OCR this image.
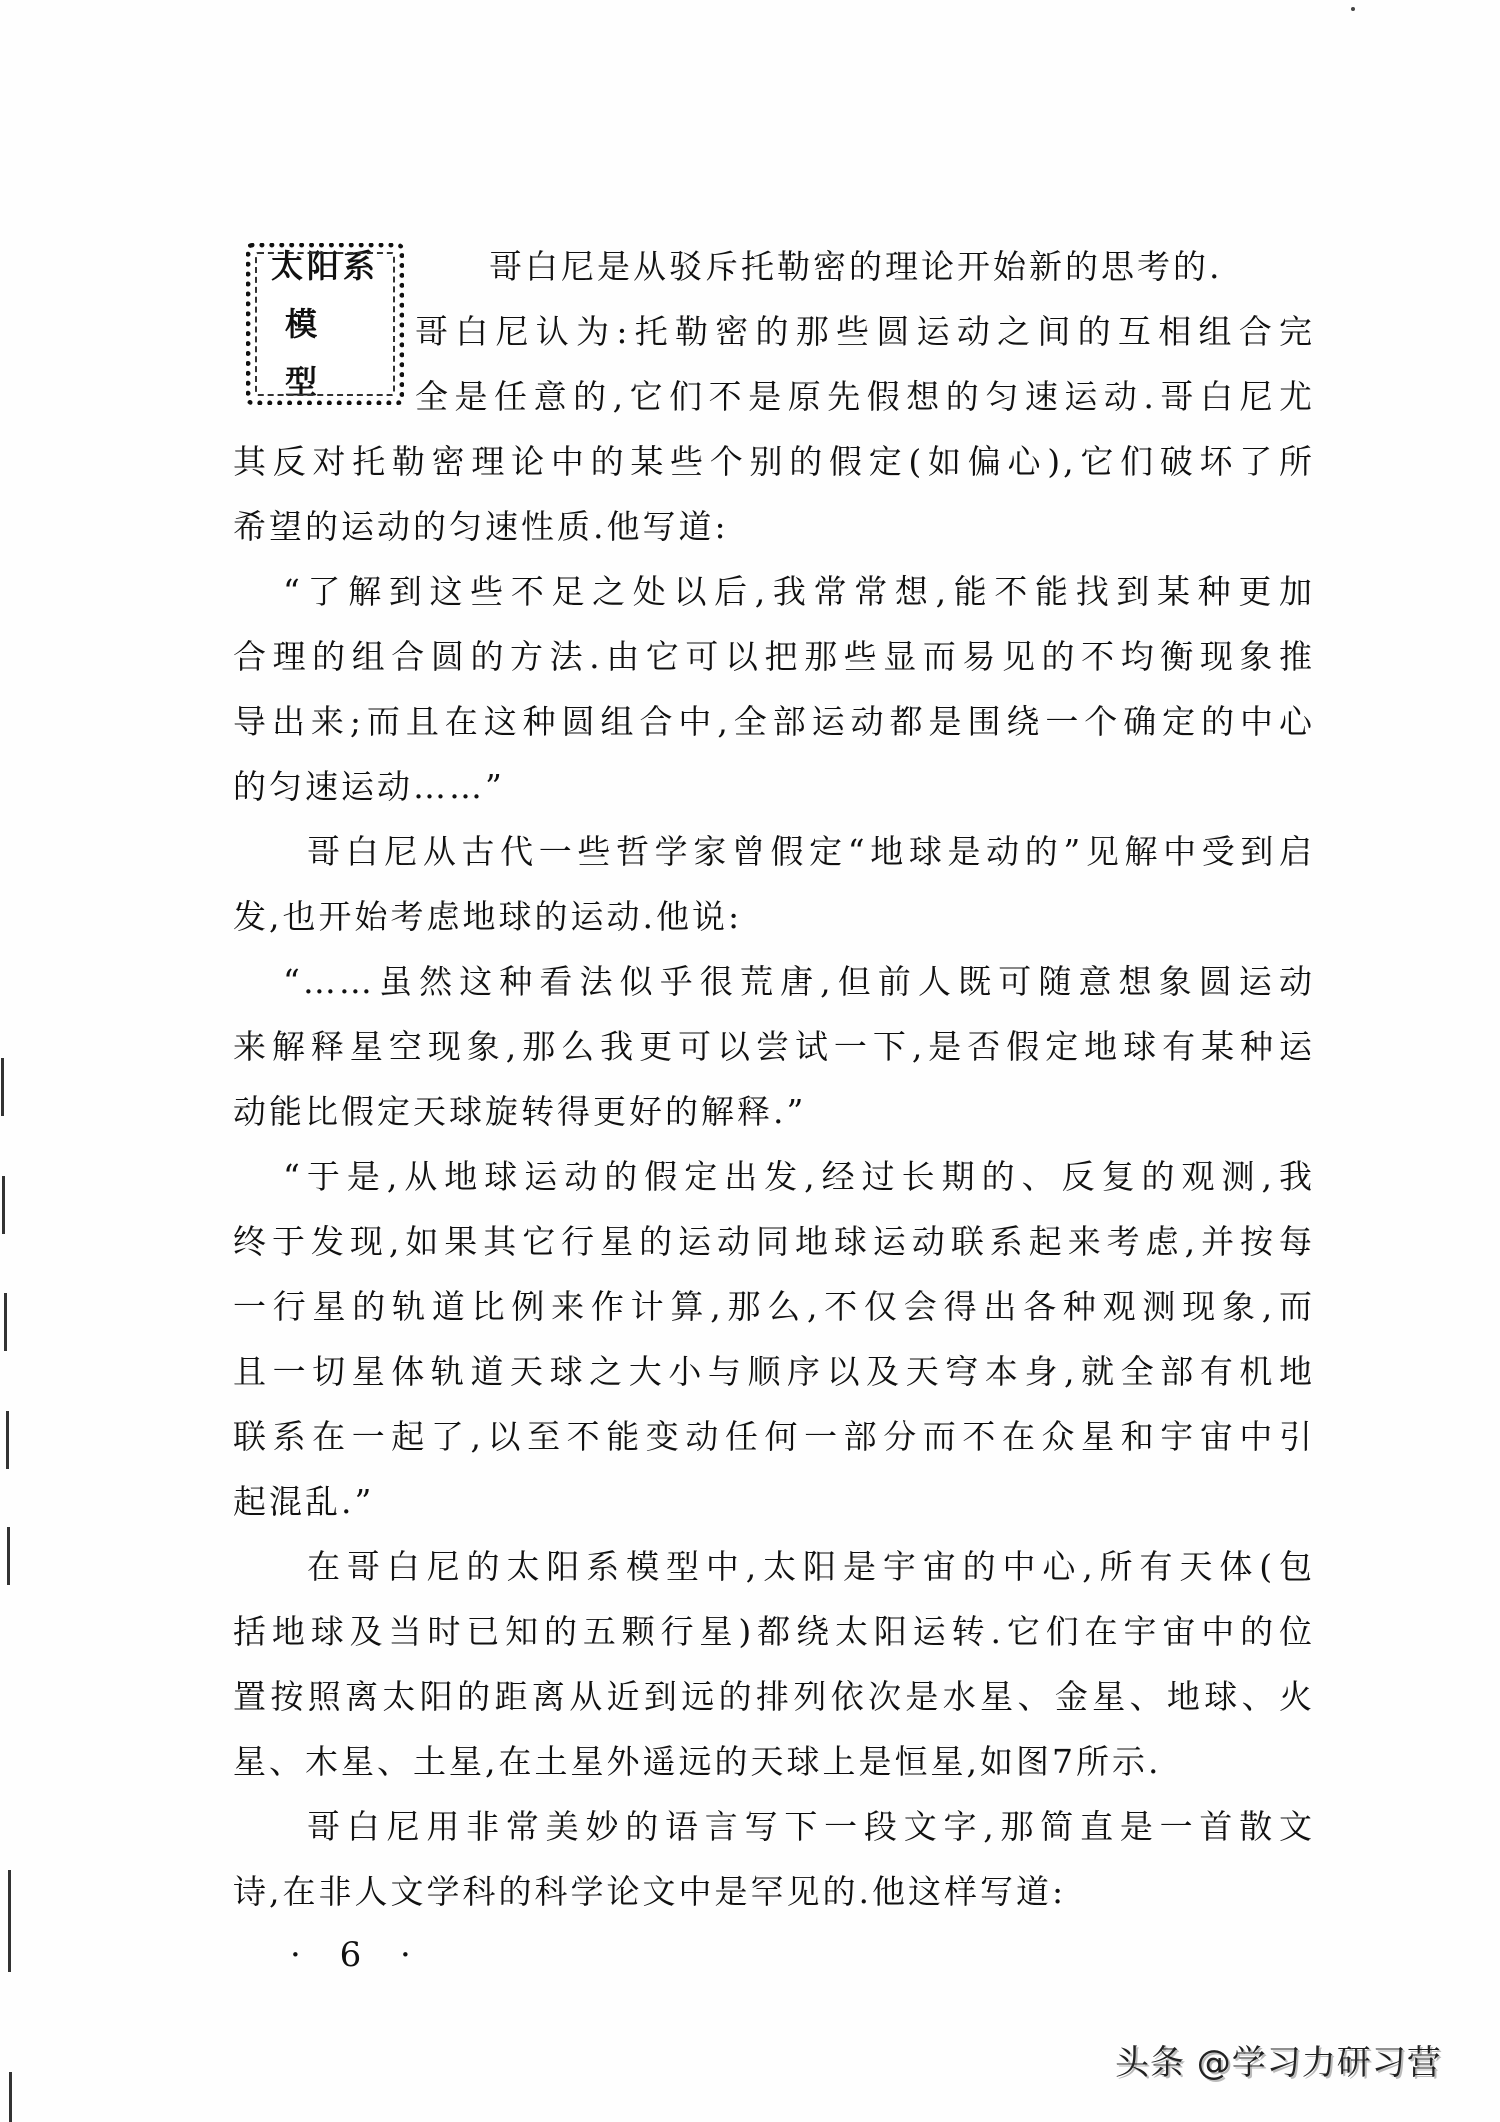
太阳系
模型
哥白尼是从驳斥托勒密的理论开始新的思考的.
哥白尼认为:托勒密的那些圆运动之间的互相组合完
全是任意的,它们不是原先假想的匀速运动.哥白尼尤
其反对托勒密理论中的某些个别的假定(如偏心),它们破坏了所
希望的运动的匀速性质.他写道:
“了解到这些不足之处以后,我常常想,能不能找到某种更加
合理的组合圆的方法.由它可以把那些显而易见的不均衡现象推
导出来;而且在这种圆组合中,全部运动都是围绕一个确定的中心
的匀速运动……”
哥白尼从古代一些哲学家曾假定“地球是动的”见解中受到启
发,也开始考虑地球的运动.他说:
“……虽然这种看法似乎很荒唐,但前人既可随意想象圆运动
来解释星空现象,那么我更可以尝试一下,是否假定地球有某种运
动能比假定天球旋转得更好的解释.”
“于是,从地球运动的假定出发,经过长期的、反复的观测,我
终于发现,如果其它行星的运动同地球运动联系起来考虑,并按每
一行星的轨道比例来作计算,那么,不仅会得出各种观测现象,而
且一切星体轨道天球之大小与顺序以及天穹本身,就全部有机地
联系在一起了,以至不能变动任何一部分而不在众星和宇宙中引
起混乱.”
在哥白尼的太阳系模型中,太阳是宇宙的中心,所有天体(包
括地球及当时已知的五颗行星)都绕太阳运转.它们在宇宙中的位
置按照离太阳的距离从近到远的排列依次是水星、金星、地球、火
星、木星、土星,在土星外遥远的天球上是恒星,如图7所示.
哥白尼用非常美妙的语言写下一段文字,那简直是一首散文
诗,在非人文学科的科学论文中是罕见的.他这样写道:
· 6 ·
头条 @学习力研习营
